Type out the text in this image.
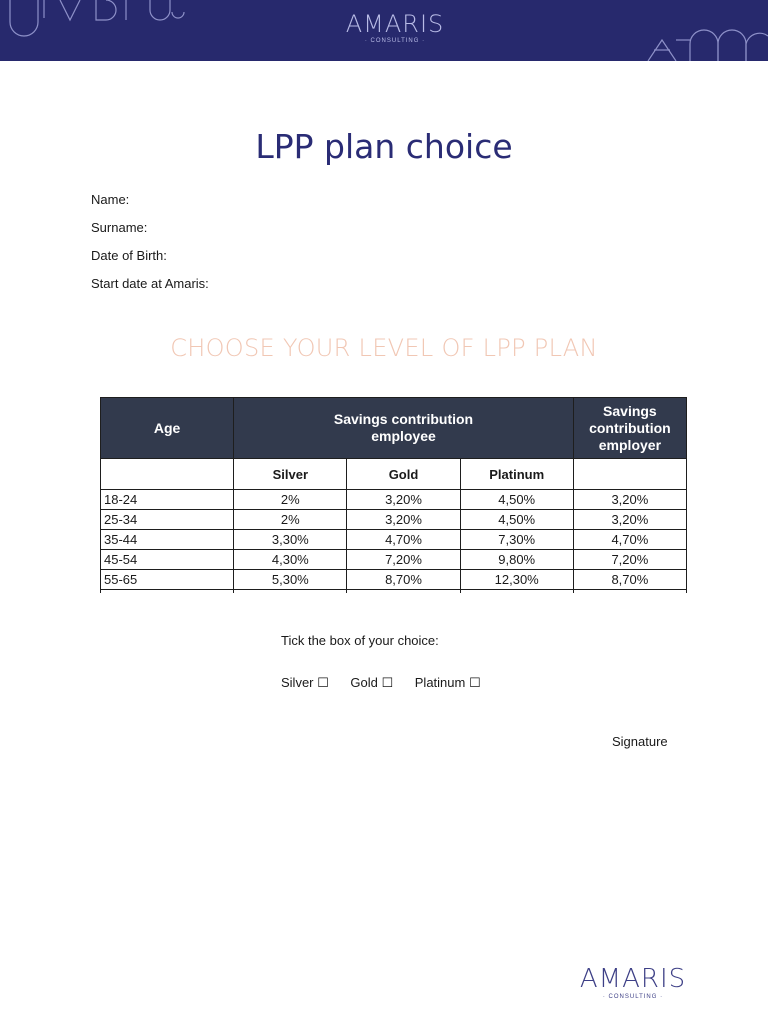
AMARIS
· CONSULTING ·
LPP plan choice
Name:
Surname:
Date of Birth:
Start date at Amaris:
CHOOSE YOUR LEVEL OF LPP PLAN
Age	Savings contribution employee			Savings contribution employer

	Silver	Gold	Platinum	
18-24	2%	3,20%	4,50%	3,20%
25-34	2%	3,20%	4,50%	3,20%
35-44	3,30%	4,70%	7,30%	4,70%
45-54	4,30%	7,20%	9,80%	7,20%
55-65	5,30%	8,70%	12,30%	8,70%

Tick the box of your choice:
Silver ☐ Gold ☐ Platinum ☐
Signature
AMARIS
· CONSULTING ·
